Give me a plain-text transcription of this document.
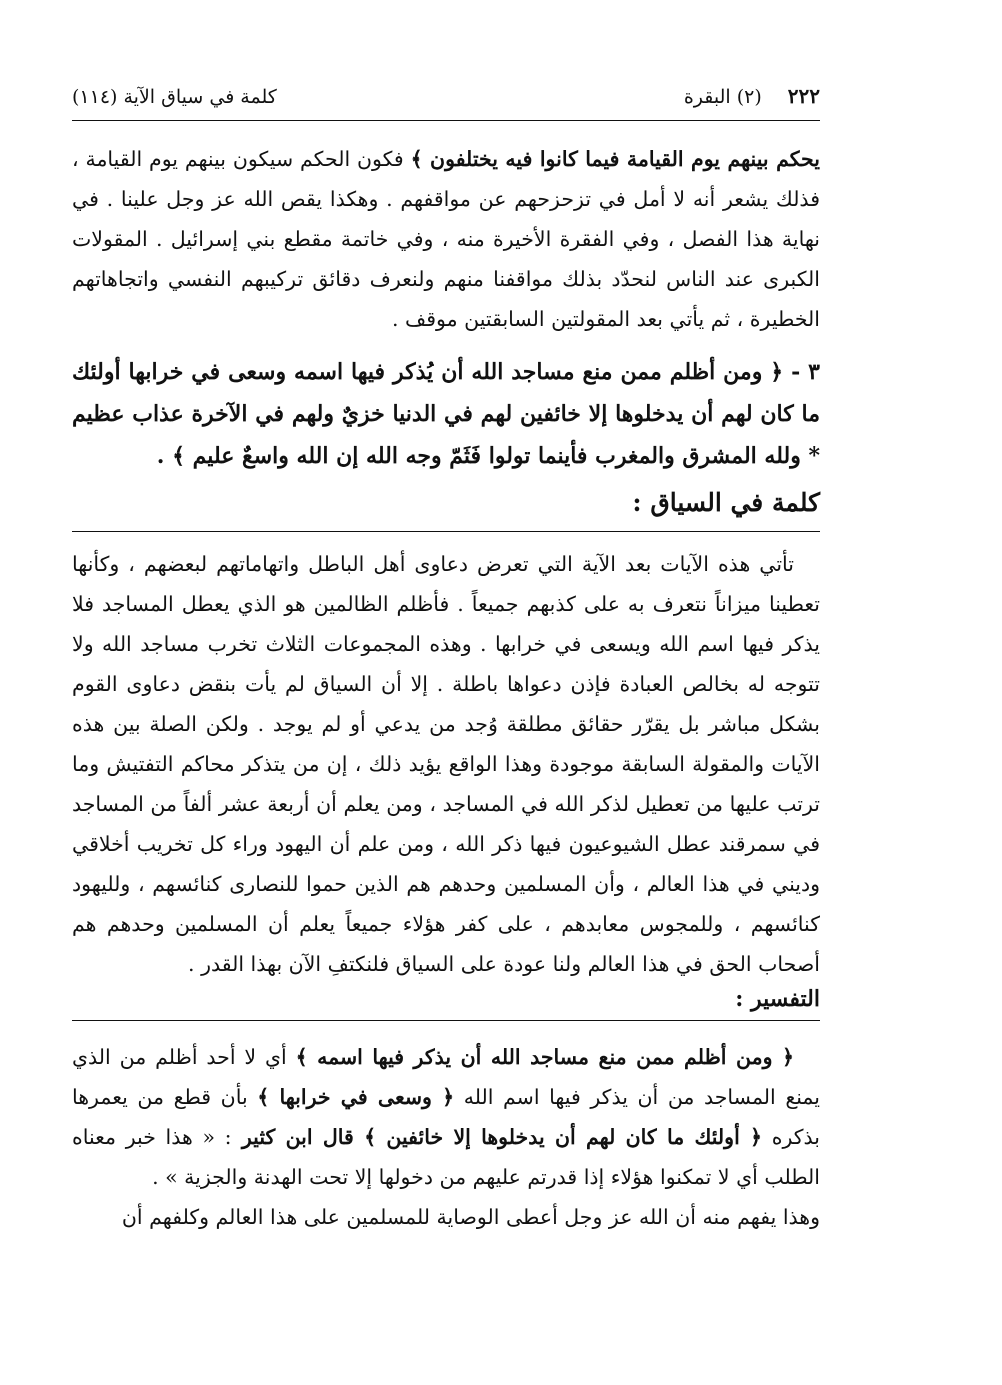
٢٢٢
(٢) البقرة
كلمة في سياق الآية (١١٤)

يحكم بينهم يوم القيامة فيما كانوا فيه يختلفون ﴾ فكون الحكم سيكون بينهم يوم القيامة ، فذلك يشعر أنه لا أمل في تزحزحهم عن مواقفهم . وهكذا يقص الله عز وجل علينا . في نهاية هذا الفصل ، وفي الفقرة الأخيرة منه ، وفي خاتمة مقطع بني إسرائيل . المقولات الكبرى عند الناس لنحدّد بذلك مواقفنا منهم ولنعرف دقائق تركيبهم النفسي واتجاهاتهم الخطيرة ، ثم يأتي بعد المقولتين السابقتين موقف .

٣ - ﴿ ومن أظلم ممن منع مساجد الله أن يُذكر فيها اسمه وسعى في خرابها أولئك ما كان لهم أن يدخلوها إلا خائفين لهم في الدنيا خزيٌ ولهم في الآخرة عذاب عظيم * ولله المشرق والمغرب فأينما تولوا فَثَمّ وجه الله إن الله واسعٌ عليم ﴾ .

كلمة في السياق :

تأتي هذه الآيات بعد الآية التي تعرض دعاوى أهل الباطل واتهاماتهم لبعضهم ، وكأنها تعطينا ميزاناً نتعرف به على كذبهم جميعاً . فأظلم الظالمين هو الذي يعطل المساجد فلا يذكر فيها اسم الله ويسعى في خرابها . وهذه المجموعات الثلاث تخرب مساجد الله ولا تتوجه له بخالص العبادة فإذن دعواها باطلة . إلا أن السياق لم يأت بنقض دعاوى القوم بشكل مباشر بل يقرّر حقائق مطلقة وُجد من يدعي أو لم يوجد . ولكن الصلة بين هذه الآيات والمقولة السابقة موجودة وهذا الواقع يؤيد ذلك ، إن من يتذكر محاكم التفتيش وما ترتب عليها من تعطيل لذكر الله في المساجد ، ومن يعلم أن أربعة عشر ألفاً من المساجد في سمرقند عطل الشيوعيون فيها ذكر الله ، ومن علم أن اليهود وراء كل تخريب أخلاقي وديني في هذا العالم ، وأن المسلمين وحدهم هم الذين حموا للنصارى كنائسهم ، ولليهود كنائسهم ، وللمجوس معابدهم ، على كفر هؤلاء جميعاً يعلم أن المسلمين وحدهم هم أصحاب الحق في هذا العالم ولنا عودة على السياق فلنكتفِ الآن بهذا القدر .

التفسير :

﴿ ومن أظلم ممن منع مساجد الله أن يذكر فيها اسمه ﴾ أي لا أحد أظلم من الذي يمنع المساجد من أن يذكر فيها اسم الله ﴿ وسعى في خرابها ﴾ بأن قطع من يعمرها بذكره ﴿ أولئك ما كان لهم أن يدخلوها إلا خائفين ﴾ قال ابن كثير : « هذا خبر معناه الطلب أي لا تمكنوا هؤلاء إذا قدرتم عليهم من دخولها إلا تحت الهدنة والجزية » .

وهذا يفهم منه أن الله عز وجل أعطى الوصاية للمسلمين على هذا العالم وكلفهم أن
